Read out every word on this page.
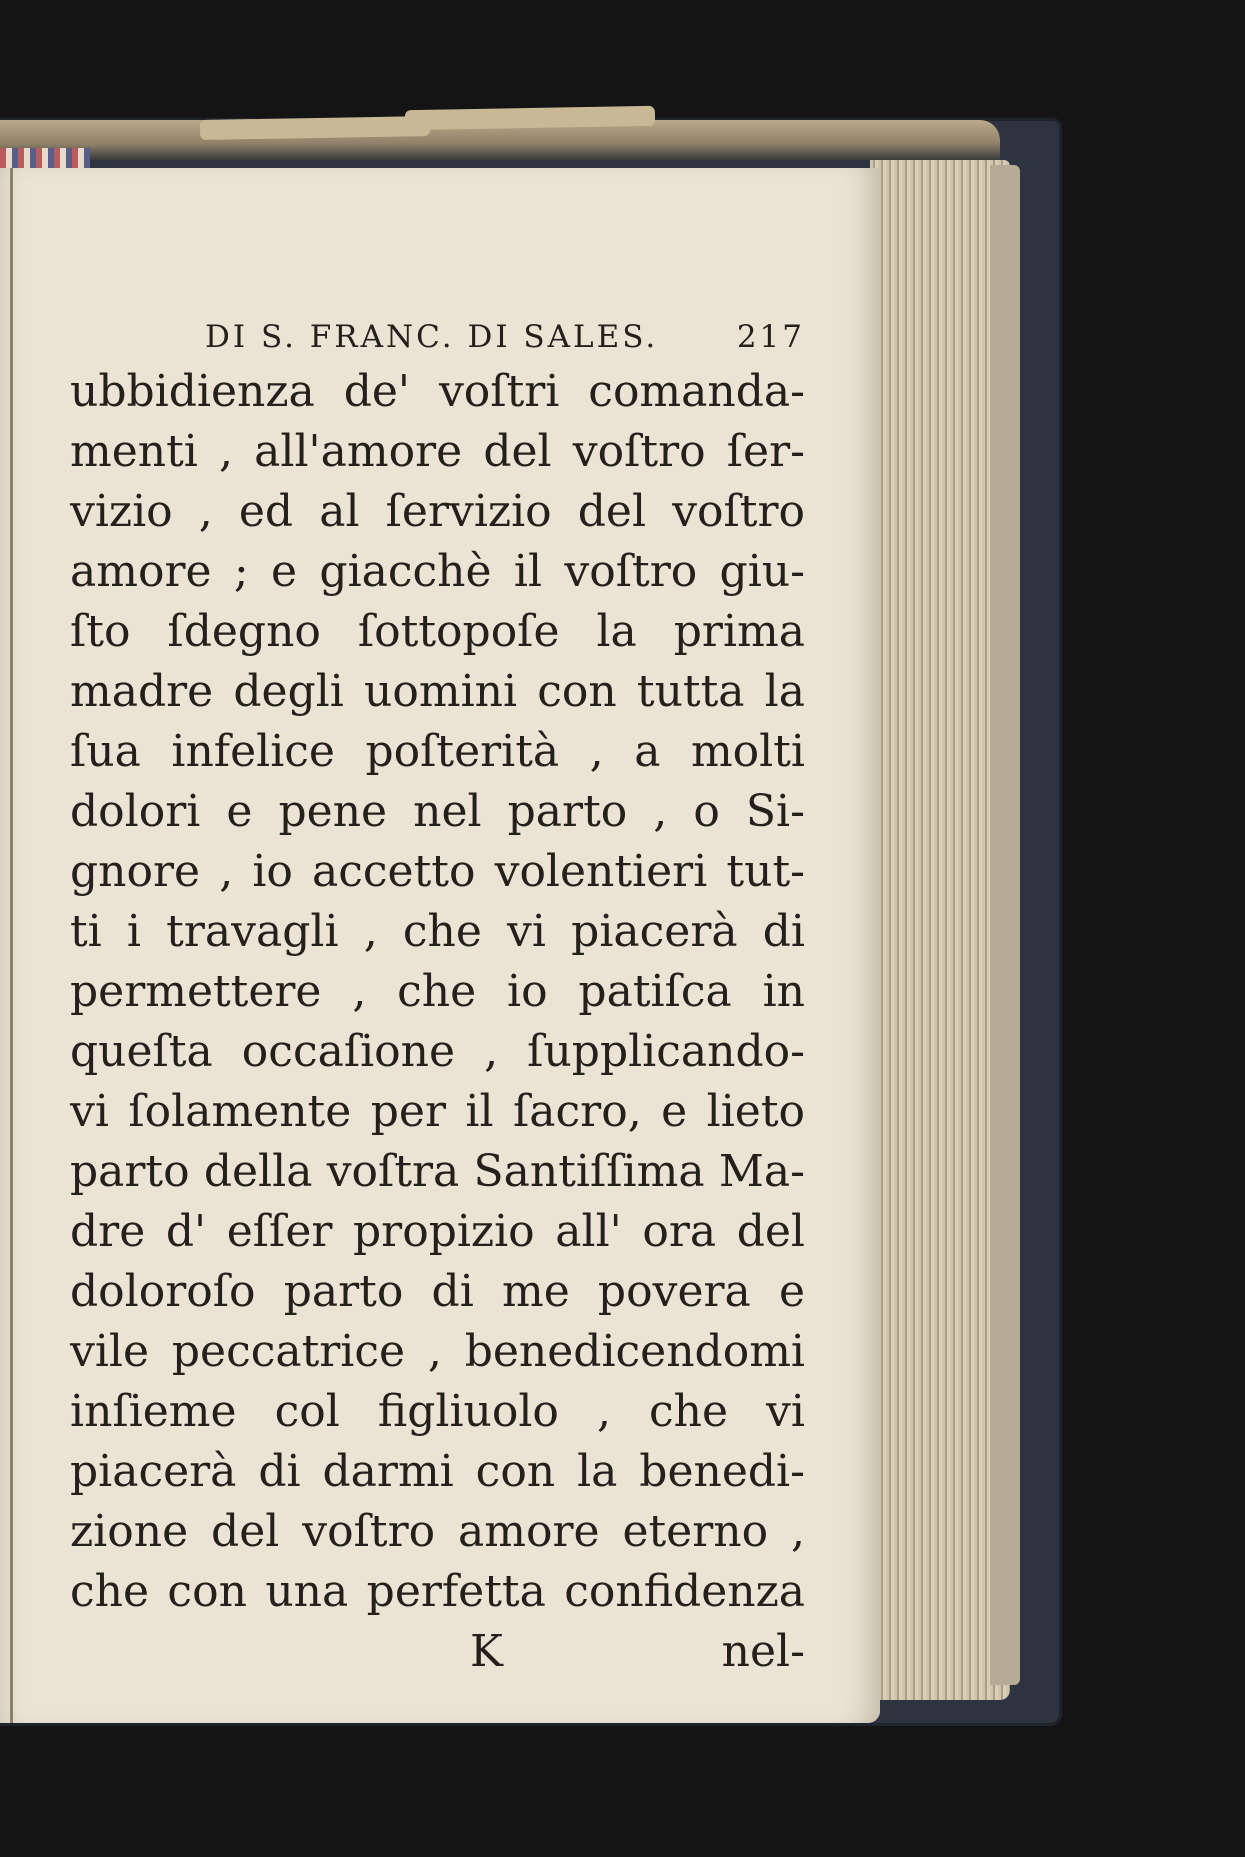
DI S. FRANC. DI SALES.	217
ubbidienza de' voſtri comanda-
menti , all'amore del voſtro ſer-
vizio , ed al ſervizio del voſtro
amore ; e giacchè il voſtro giu-
ſto ſdegno ſottopoſe la prima
madre degli uomini con tutta la
ſua infelice poſterità , a molti
dolori e pene nel parto , o Si-
gnore , io accetto volentieri tut-
ti i travagli , che vi piacerà di
permettere , che io patiſca in
queſta occaſione , ſupplicando-
vi ſolamente per il ſacro, e lieto
parto della voſtra Santiſſima Ma-
dre d' eſſer propizio all' ora del
doloroſo parto di me povera e
vile peccatrice , benedicendomi
inſieme col figliuolo , che vi
piacerà di darmi con la benedi-
zione del voſtro amore eterno ,
che con una perfetta confidenza
K	nel-
